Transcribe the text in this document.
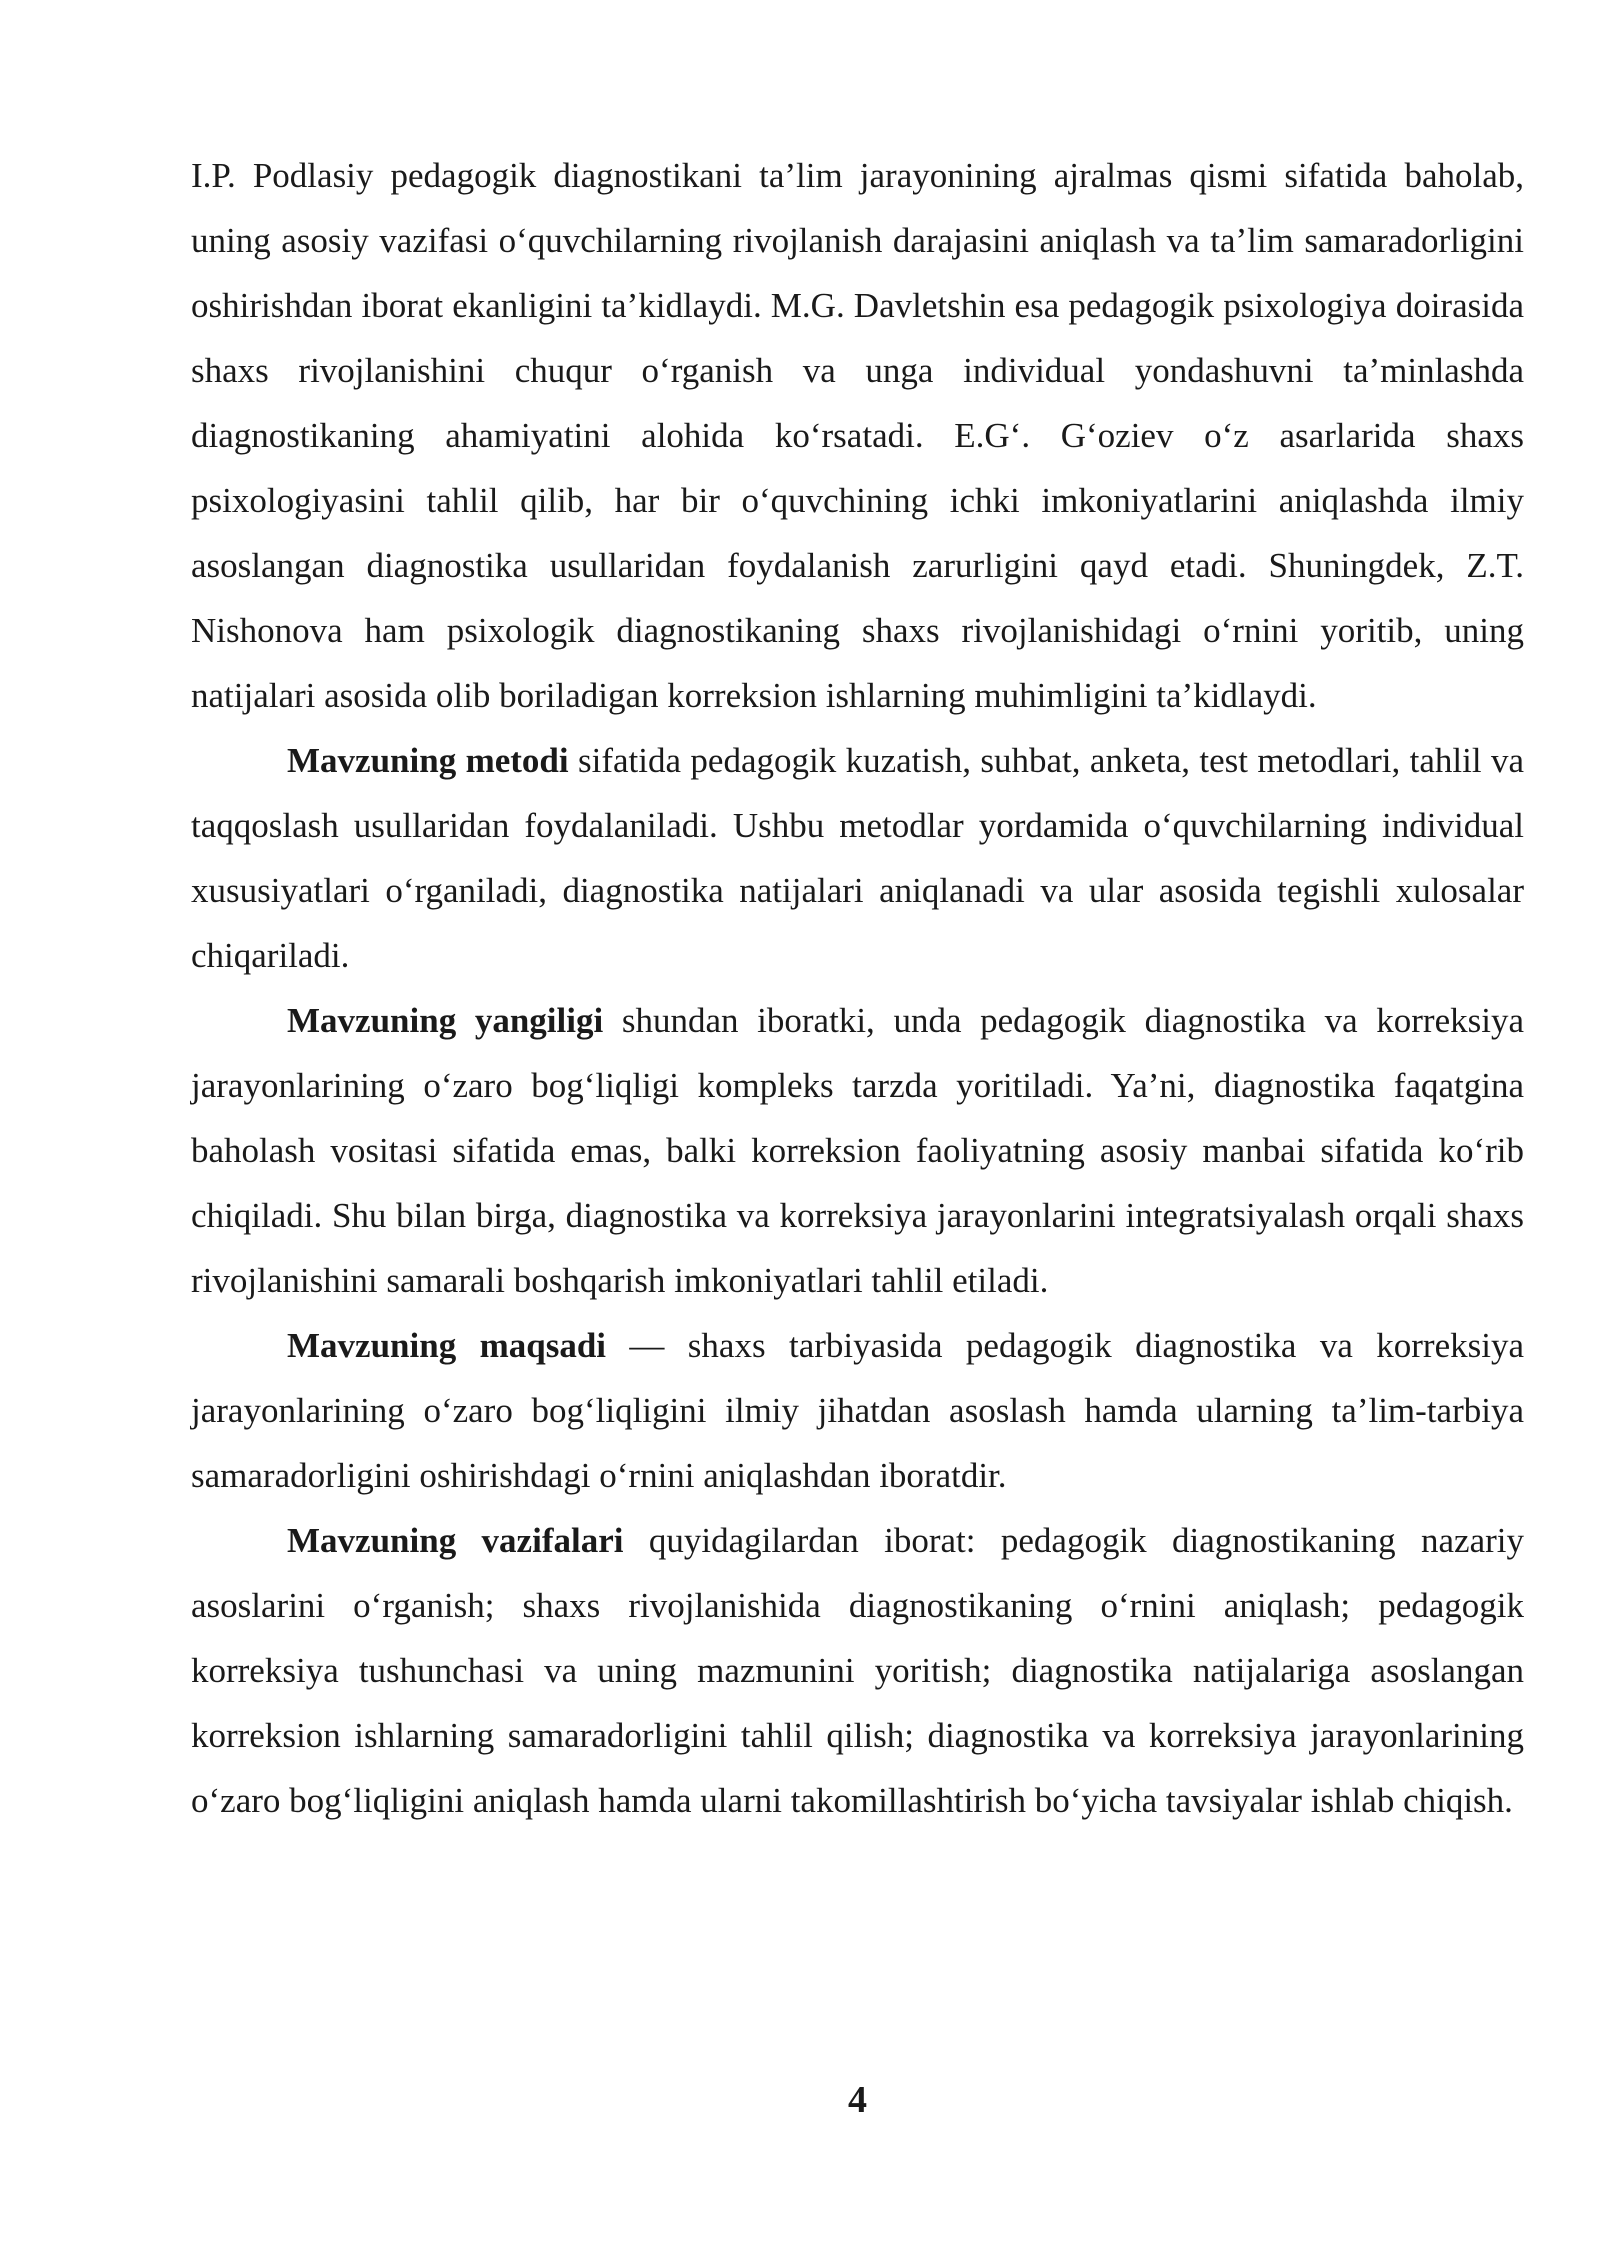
I.P. Podlasiy pedagogik diagnostikani ta’lim jarayonining ajralmas qismi sifatida baholab, uning asosiy vazifasi o‘quvchilarning rivojlanish darajasini aniqlash va ta’lim samaradorligini oshirishdan iborat ekanligini ta’kidlaydi. M.G. Davletshin esa pedagogik psixologiya doirasida shaxs rivojlanishini chuqur o‘rganish va unga individual yondashuvni ta’minlashda diagnostikaning ahamiyatini alohida ko‘rsatadi. E.G‘. G‘oziev o‘z asarlarida shaxs psixologiyasini tahlil qilib, har bir o‘quvchining ichki imkoniyatlarini aniqlashda ilmiy asoslangan diagnostika usullaridan foydalanish zarurligini qayd etadi. Shuningdek, Z.T. Nishonova ham psixologik diagnostikaning shaxs rivojlanishidagi o‘rnini yoritib, uning natijalari asosida olib boriladigan korreksion ishlarning muhimligini ta’kidlaydi.

Mavzuning metodi sifatida pedagogik kuzatish, suhbat, anketa, test metodlari, tahlil va taqqoslash usullaridan foydalaniladi. Ushbu metodlar yordamida o‘quvchilarning individual xususiyatlari o‘rganiladi, diagnostika natijalari aniqlanadi va ular asosida tegishli xulosalar chiqariladi.

Mavzuning yangiligi shundan iboratki, unda pedagogik diagnostika va korreksiya jarayonlarining o‘zaro bog‘liqligi kompleks tarzda yoritiladi. Ya’ni, diagnostika faqatgina baholash vositasi sifatida emas, balki korreksion faoliyatning asosiy manbai sifatida ko‘rib chiqiladi. Shu bilan birga, diagnostika va korreksiya jarayonlarini integratsiyalash orqali shaxs rivojlanishini samarali boshqarish imkoniyatlari tahlil etiladi.

Mavzuning maqsadi — shaxs tarbiyasida pedagogik diagnostika va korreksiya jarayonlarining o‘zaro bog‘liqligini ilmiy jihatdan asoslash hamda ularning ta’lim-tarbiya samaradorligini oshirishdagi o‘rnini aniqlashdan iboratdir.

Mavzuning vazifalari quyidagilardan iborat: pedagogik diagnostikaning nazariy asoslarini o‘rganish; shaxs rivojlanishida diagnostikaning o‘rnini aniqlash; pedagogik korreksiya tushunchasi va uning mazmunini yoritish; diagnostika natijalariga asoslangan korreksion ishlarning samaradorligini tahlil qilish; diagnostika va korreksiya jarayonlarining o‘zaro bog‘liqligini aniqlash hamda ularni takomillashtirish bo‘yicha tavsiyalar ishlab chiqish.

4
